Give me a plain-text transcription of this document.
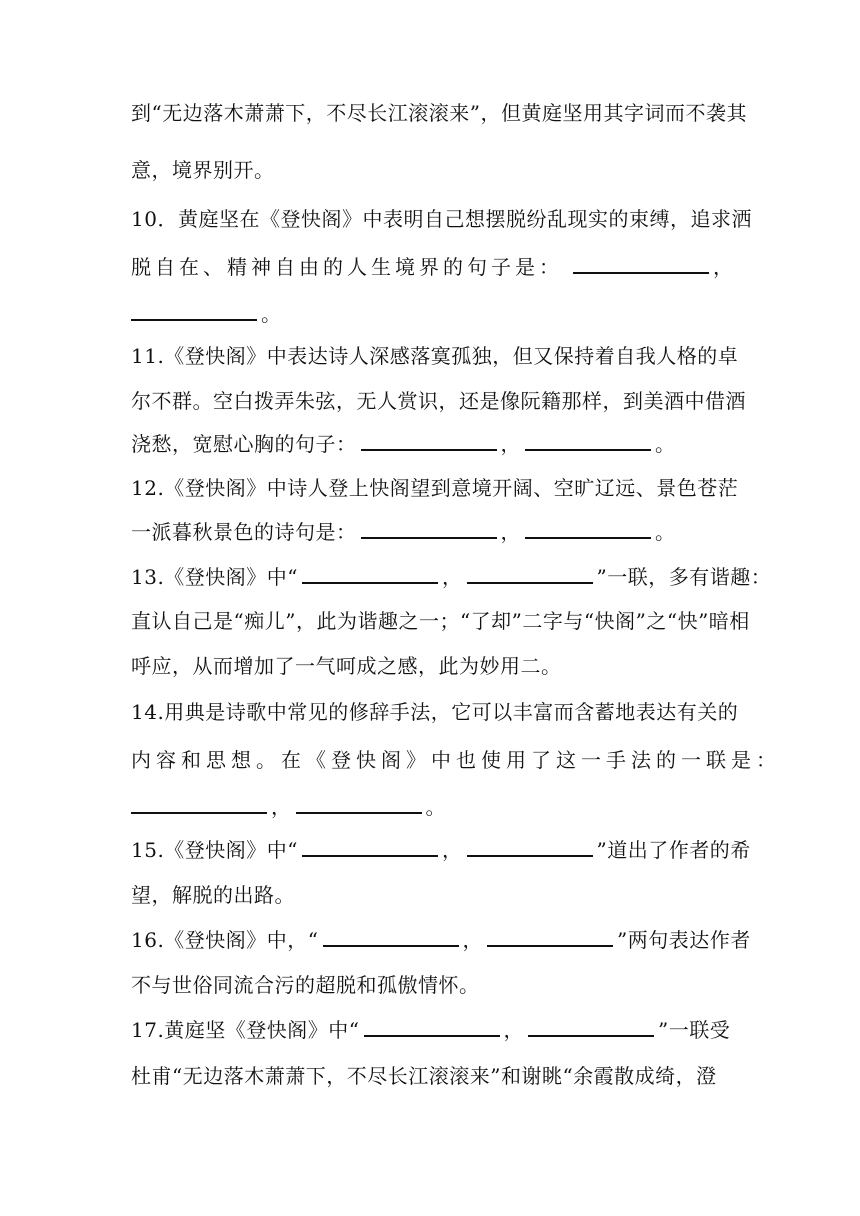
到“无边落木萧萧下，不尽长江滚滚来”，但黄庭坚用其字词而不袭其
意，境界别开。
10．黄庭坚在《登快阁》中表明自己想摆脱纷乱现实的束缚，追求洒
脱自在、精神自由的人生境界的句子是：	，
。
11.《登快阁》中表达诗人深感落寞孤独，但又保持着自我人格的卓
尔不群。空白拨弄朱弦，无人赏识，还是像阮籍那样，到美酒中借酒
浇愁，宽慰心胸的句子：	，	。
12.《登快阁》中诗人登上快阁望到意境开阔、空旷辽远、景色苍茫
一派暮秋景色的诗句是：	，	。
13.《登快阁》中“	，	”一联，多有谐趣：
直认自己是“痴儿”，此为谐趣之一；“了却”二字与“快阁”之“快”暗相
呼应，从而增加了一气呵成之感，此为妙用二。
14.用典是诗歌中常见的修辞手法，它可以丰富而含蓄地表达有关的
内容和思想。在《登快阁》中也使用了这一手法的一联是：
，	。
15.《登快阁》中“	，	”道出了作者的希
望，解脱的出路。
16.《登快阁》中，“	，	”两句表达作者
不与世俗同流合污的超脱和孤傲情怀。
17.黄庭坚《登快阁》中“	，	”一联受
杜甫“无边落木萧萧下，不尽长江滚滚来”和谢眺“余霞散成绮，澄
